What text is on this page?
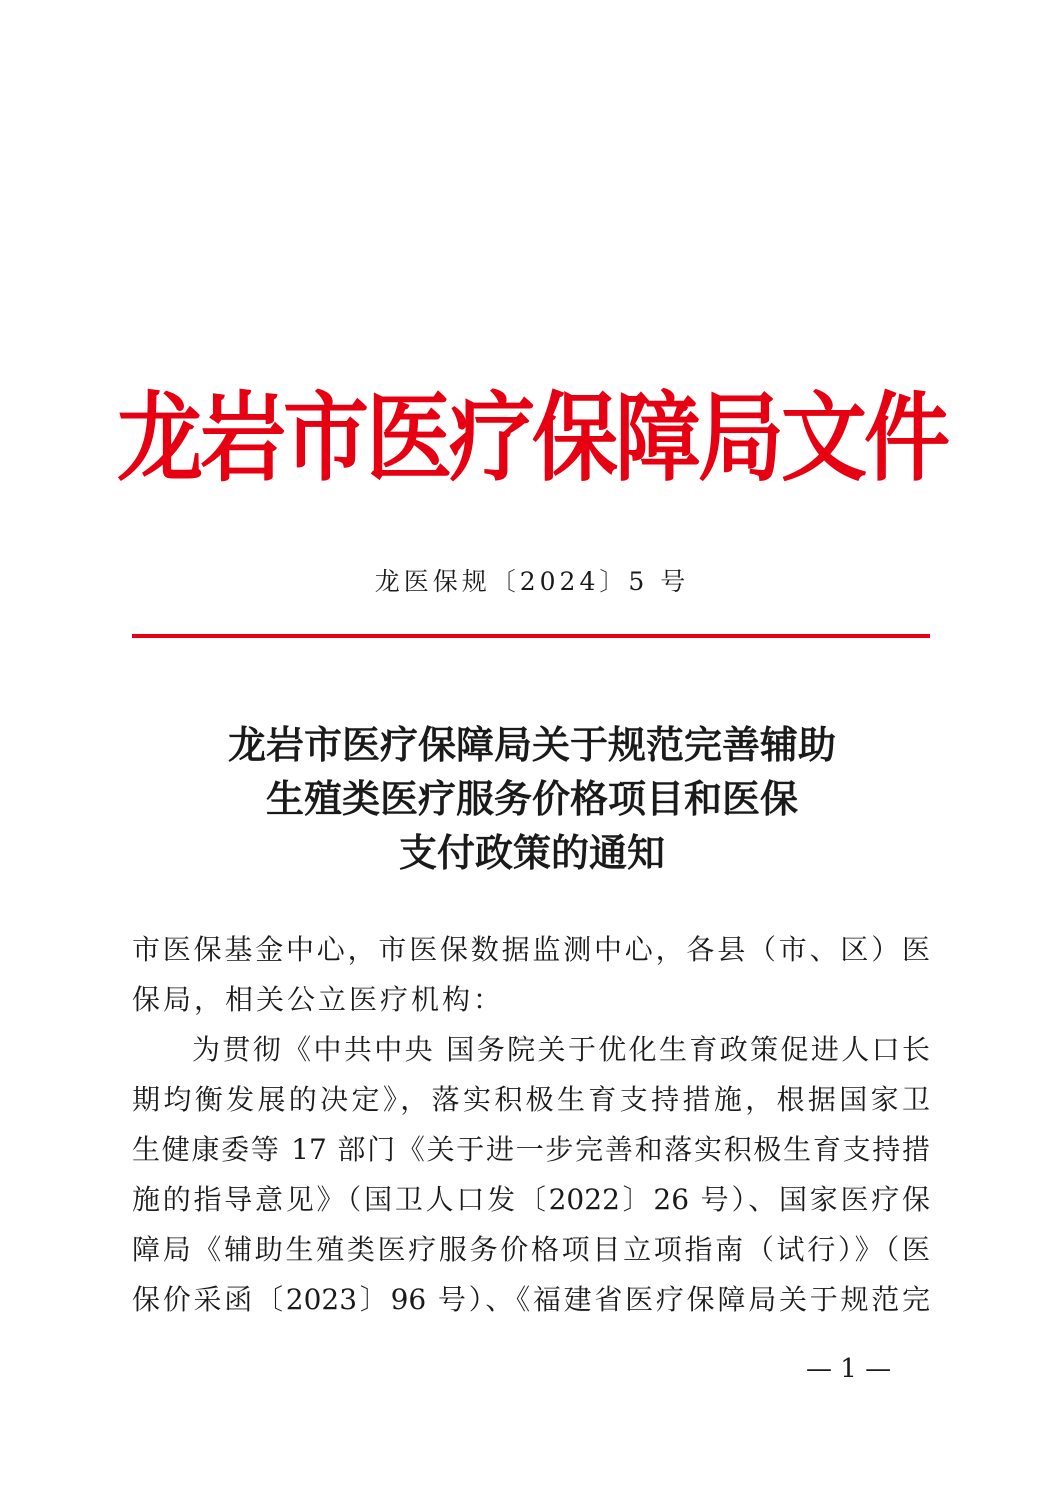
龙岩市医疗保障局文件
龙医保规〔2024〕5 号
龙岩市医疗保障局关于规范完善辅助
生殖类医疗服务价格项目和医保
支付政策的通知
市医保基金中心，市医保数据监测中心，各县（市、区）医
保局，相关公立医疗机构：
为贯彻《中共中央 国务院关于优化生育政策促进人口长
期均衡发展的决定》，落实积极生育支持措施，根据国家卫
生健康委等 17 部门《关于进一步完善和落实积极生育支持措
施的指导意见》（国卫人口发〔2022〕26 号）、国家医疗保
障局《辅助生殖类医疗服务价格项目立项指南（试行）》（医
保价采函〔2023〕96 号）、《福建省医疗保障局关于规范完
— 1 —
